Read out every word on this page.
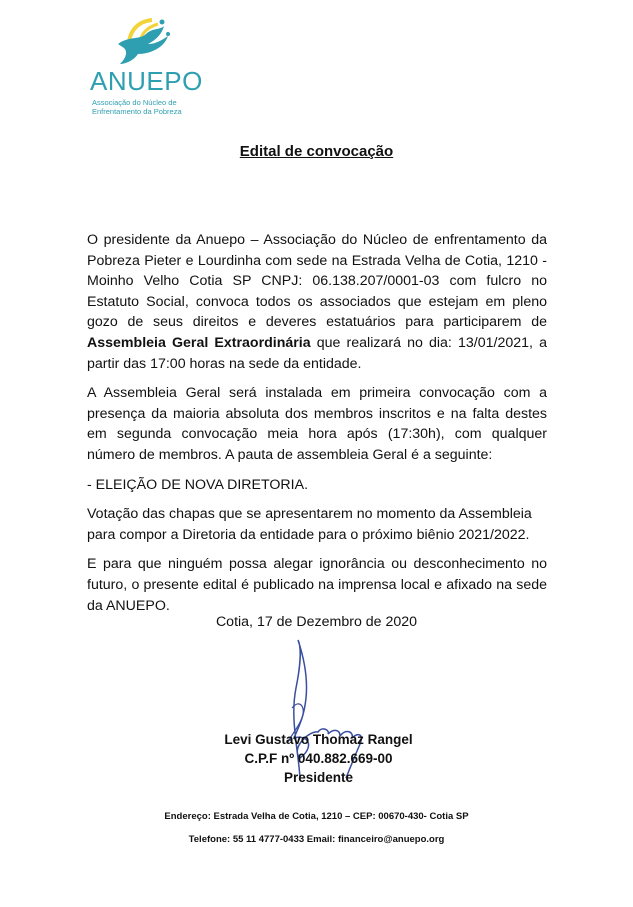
ANUEPO
Associação do Núcleo de
Enfrentamento da Pobreza
Edital de convocação

O presidente da Anuepo – Associação do Núcleo de enfrentamento da Pobreza Pieter e Lourdinha com sede na Estrada Velha de Cotia, 1210 - Moinho Velho Cotia SP CNPJ: 06.138.207/0001-03 com fulcro no Estatuto Social, convoca todos os associados que estejam em pleno gozo de seus direitos e deveres estatuários para participarem de Assembleia Geral Extraordinária que realizará no dia: 13/01/2021, a partir das 17:00 horas na sede da entidade.

A Assembleia Geral será instalada em primeira convocação com a presença da maioria absoluta dos membros inscritos e na falta destes em segunda convocação meia hora após (17:30h), com qualquer número de membros. A pauta de assembleia Geral é a seguinte:

- ELEIÇÃO DE NOVA DIRETORIA.

Votação das chapas que se apresentarem no momento da Assembleia para compor a Diretoria da entidade para o próximo biênio 2021/2022.

E para que ninguém possa alegar ignorância ou desconhecimento no futuro, o presente edital é publicado na imprensa local e afixado na sede da ANUEPO.

Cotia, 17 de Dezembro de 2020
Levi Gustavo Thomaz Rangel
C.P.F nº 040.882.669-00
Presidente
Endereço: Estrada Velha de Cotia, 1210 – CEP: 00670-430- Cotia SP
Telefone: 55 11 4777-0433 Email: financeiro@anuepo.org
